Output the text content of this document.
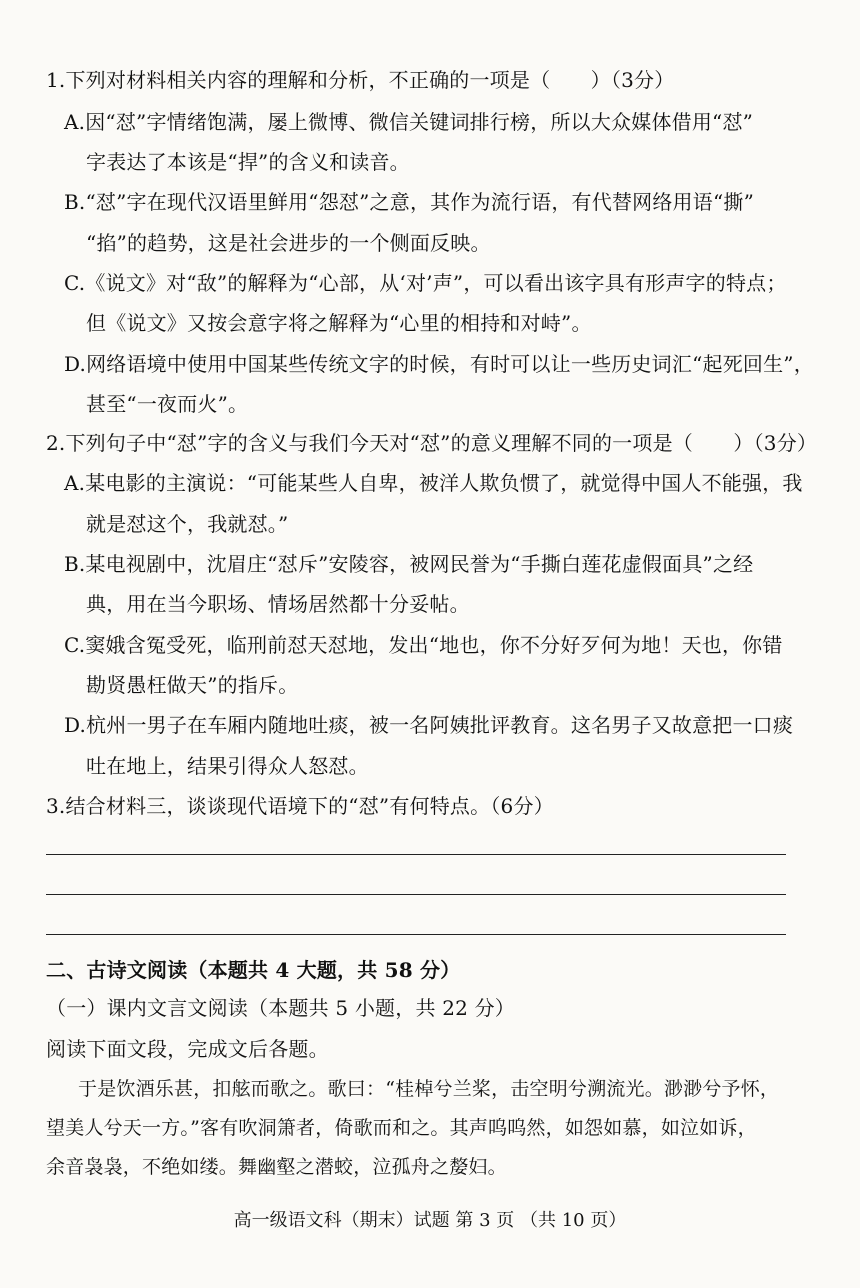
1.下列对材料相关内容的理解和分析，不正确的一项是（　　）（3分）
A.因“怼”字情绪饱满，屡上微博、微信关键词排行榜，所以大众媒体借用“怼”
字表达了本该是“捍”的含义和读音。
B.“怼”字在现代汉语里鲜用“怨怼”之意，其作为流行语，有代替网络用语“撕”
“掐”的趋势，这是社会进步的一个侧面反映。
C.《说文》对“敌”的解释为“心部，从‘对’声”，可以看出该字具有形声字的特点；
但《说文》又按会意字将之解释为“心里的相持和对峙”。
D.网络语境中使用中国某些传统文字的时候，有时可以让一些历史词汇“起死回生”，
甚至“一夜而火”。
2.下列句子中“怼”字的含义与我们今天对“怼”的意义理解不同的一项是（　　）（3分）
A.某电影的主演说：“可能某些人自卑，被洋人欺负惯了，就觉得中国人不能强，我
就是怼这个，我就怼。”
B.某电视剧中，沈眉庄“怼斥”安陵容，被网民誉为“手撕白莲花虚假面具”之经
典，用在当今职场、情场居然都十分妥帖。
C.窦娥含冤受死，临刑前怼天怼地，发出“地也，你不分好歹何为地！天也，你错
勘贤愚枉做天”的指斥。
D.杭州一男子在车厢内随地吐痰，被一名阿姨批评教育。这名男子又故意把一口痰
吐在地上，结果引得众人怒怼。
3.结合材料三，谈谈现代语境下的“怼”有何特点。（6分）
二、古诗文阅读（本题共 4 大题，共 58 分）
（一）课内文言文阅读（本题共 5 小题，共 22 分）
阅读下面文段，完成文后各题。
于是饮酒乐甚，扣舷而歌之。歌曰：“桂棹兮兰桨，击空明兮溯流光。渺渺兮予怀，
望美人兮天一方。”客有吹洞箫者，倚歌而和之。其声呜呜然，如怨如慕，如泣如诉，
余音袅袅，不绝如缕。舞幽壑之潜蛟，泣孤舟之嫠妇。
高一级语文科（期末）试题 第 3 页 （共 10 页）
